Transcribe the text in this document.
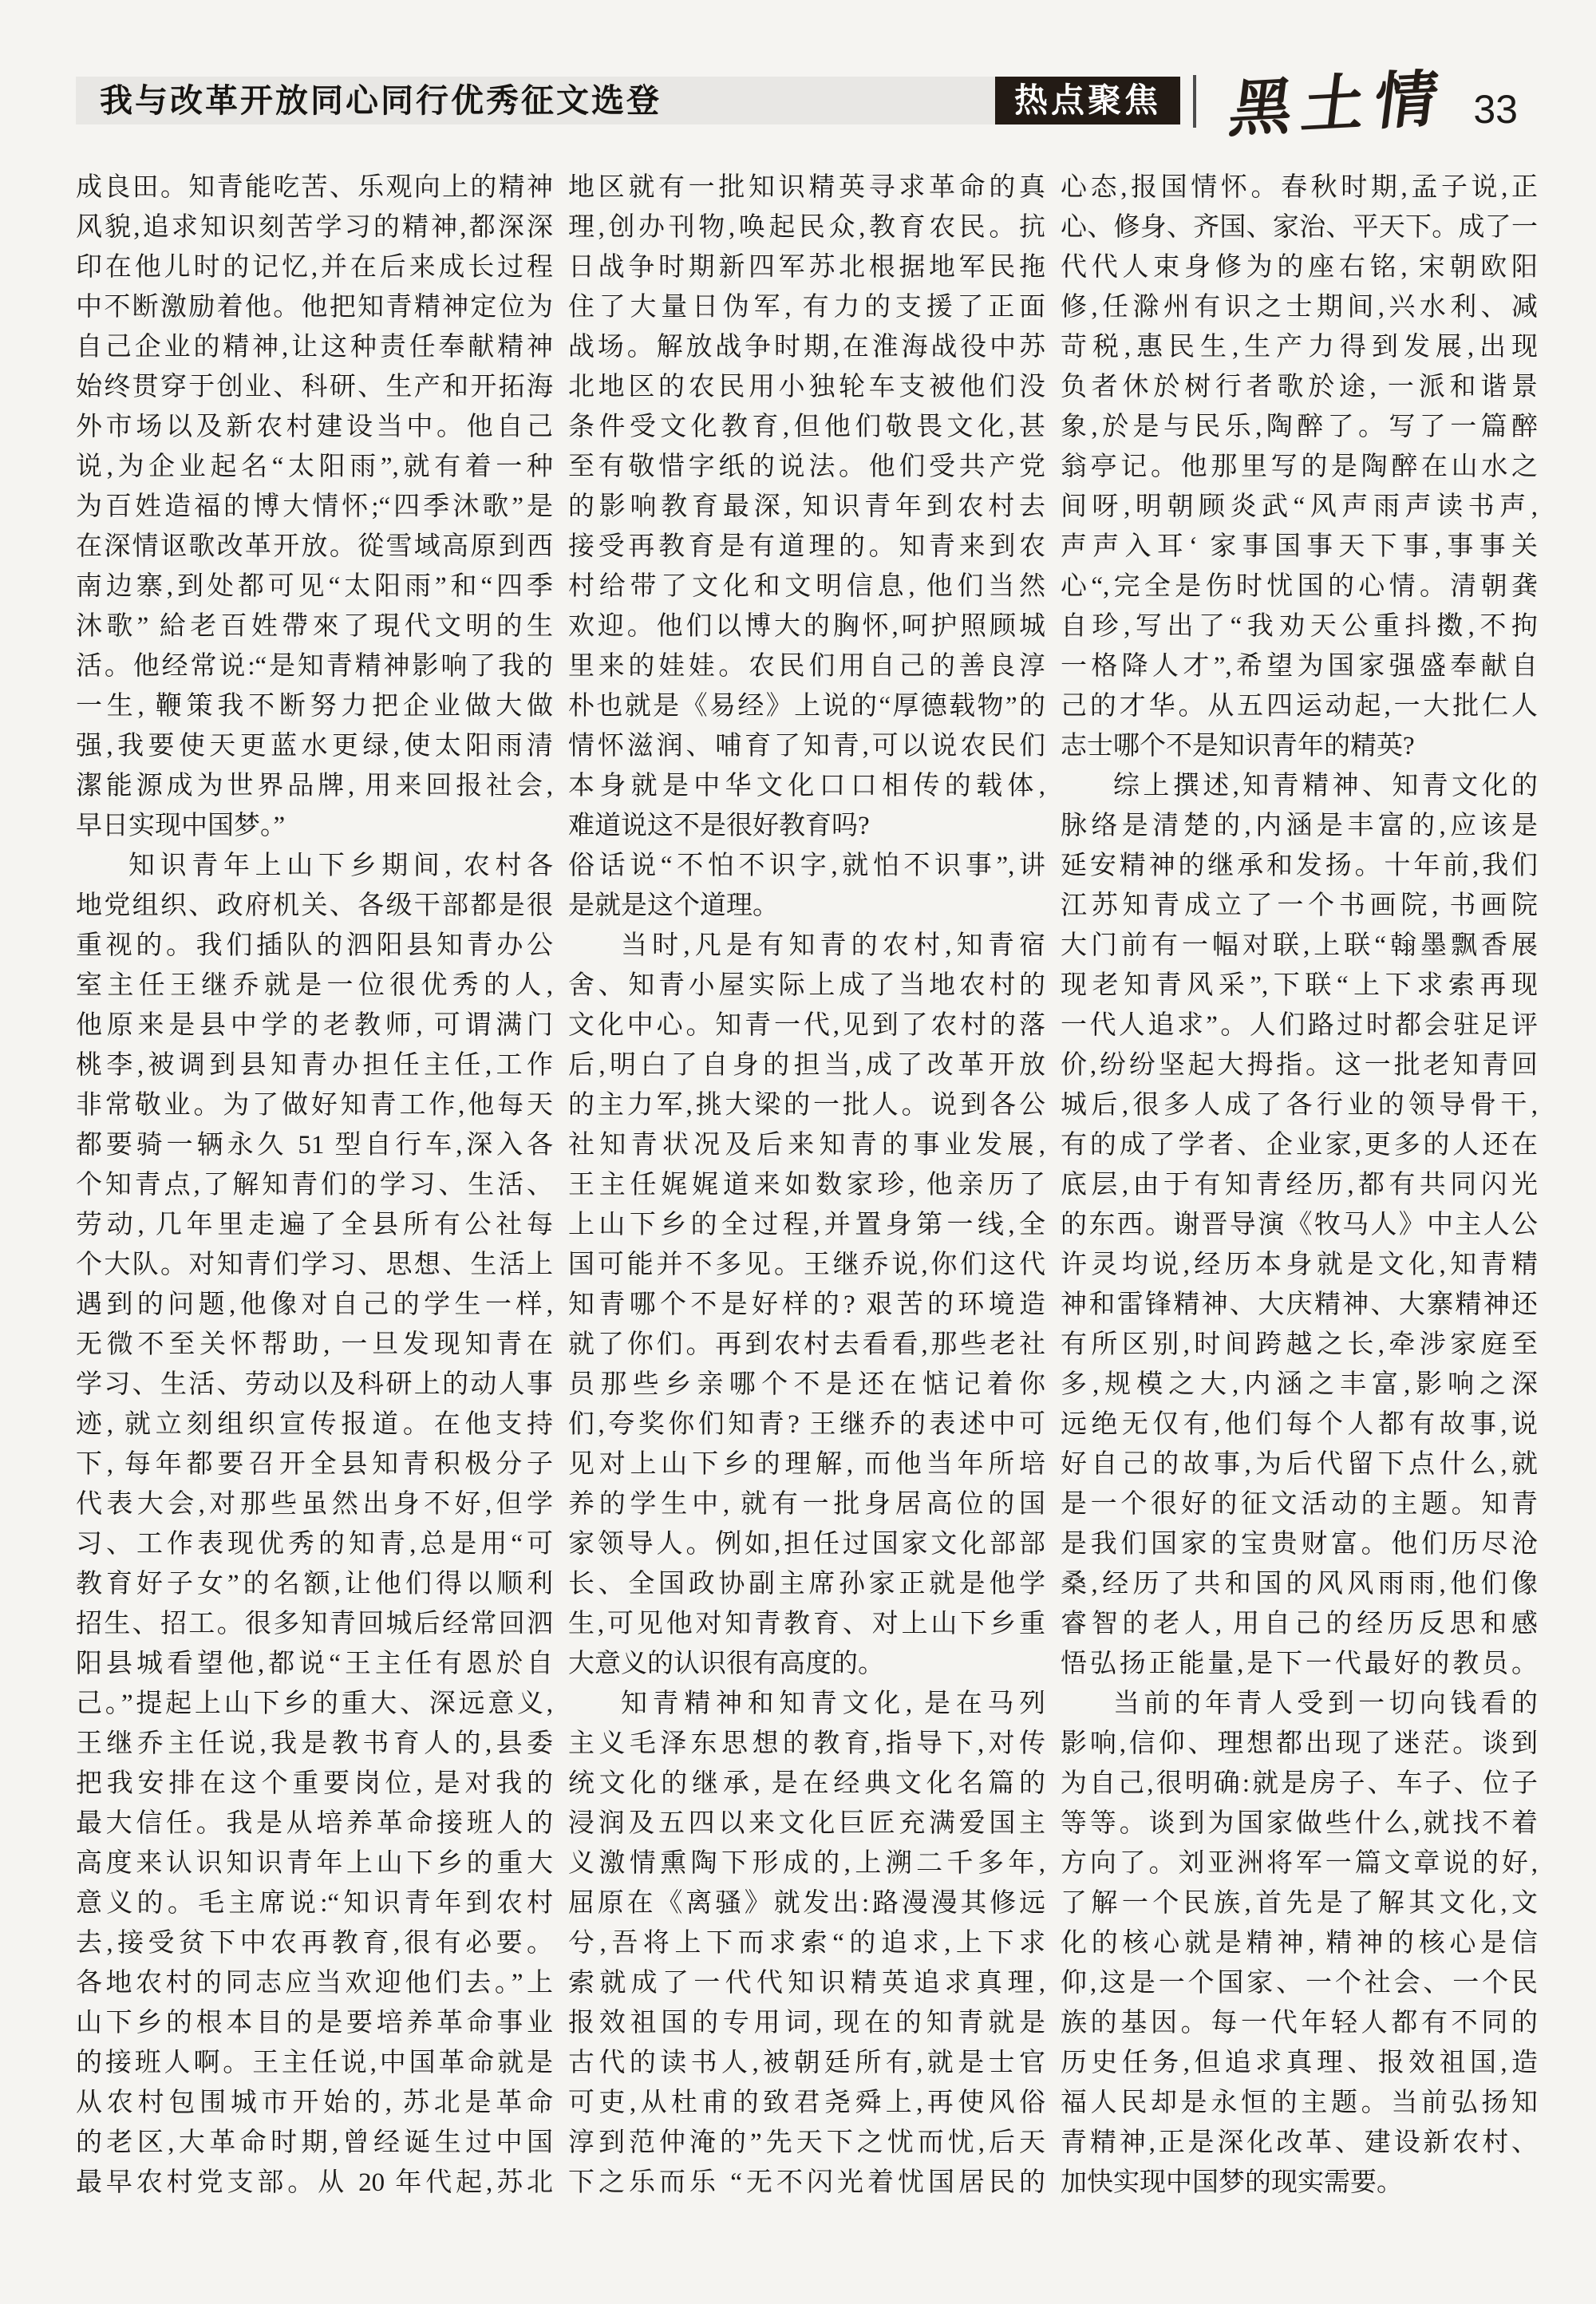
我与改革开放同心同行优秀征文选登	热点聚焦	黑土情 33
成良田。知青能吃苦、乐观向上的精神
风貌,追求知识刻苦学习的精神,都深深
印在他儿时的记忆,并在后来成长过程
中不断激励着他。他把知青精神定位为
自己企业的精神,让这种责任奉献精神
始终贯穿于创业、科研、生产和开拓海
外市场以及新农村建设当中。他自己
说,为企业起名“太阳雨”,就有着一种
为百姓造福的博大情怀;“四季沐歌”是
在深情讴歌改革开放。從雪域高原到西
南边寨,到处都可见“太阳雨”和“四季
沐歌” 給老百姓帶來了現代文明的生
活。他经常说:“是知青精神影响了我的
一生, 鞭策我不断努力把企业做大做
强,我要使天更蓝水更绿,使太阳雨清
潔能源成为世界品牌, 用来回报社会,
早日实现中国梦。”
知识青年上山下乡期间, 农村各
地党组织、政府机关、各级干部都是很
重视的。我们插队的泗阳县知青办公
室主任王继乔就是一位很优秀的人,
他原来是县中学的老教师, 可谓满门
桃李,被调到县知青办担任主任,工作
非常敬业。为了做好知青工作,他每天
都要骑一辆永久 51 型自行车,深入各
个知青点,了解知青们的学习、生活、
劳动, 几年里走遍了全县所有公社每
个大队。对知青们学习、思想、生活上
遇到的问题,他像对自己的学生一样,
无微不至关怀帮助, 一旦发现知青在
学习、生活、劳动以及科研上的动人事
迹, 就立刻组织宣传报道。在他支持
下, 每年都要召开全县知青积极分子
代表大会,对那些虽然出身不好,但学
习、工作表现优秀的知青,总是用“可
教育好子女”的名额,让他们得以顺利
招生、招工。很多知青回城后经常回泗
阳县城看望他,都说“王主任有恩於自
己。”提起上山下乡的重大、深远意义,
王继乔主任说,我是教书育人的,县委
把我安排在这个重要岗位, 是对我的
最大信任。我是从培养革命接班人的
高度来认识知识青年上山下乡的重大
意义的。毛主席说:“知识青年到农村
去,接受贫下中农再教育,很有必要。
各地农村的同志应当欢迎他们去。”上
山下乡的根本目的是要培养革命事业
的接班人啊。王主任说,中国革命就是
从农村包围城市开始的, 苏北是革命
的老区,大革命时期,曾经诞生过中国
最早农村党支部。从 20 年代起,苏北
地区就有一批知识精英寻求革命的真
理,创办刊物,唤起民众,教育农民。抗
日战争时期新四军苏北根据地军民拖
住了大量日伪军, 有力的支援了正面
战场。解放战争时期,在淮海战役中苏
北地区的农民用小独轮车支被他们没
条件受文化教育,但他们敬畏文化,甚
至有敬惜字纸的说法。他们受共产党
的影响教育最深, 知识青年到农村去
接受再教育是有道理的。知青来到农
村给带了文化和文明信息, 他们当然
欢迎。他们以博大的胸怀,呵护照顾城
里来的娃娃。农民们用自己的善良淳
朴也就是《易经》上说的“厚德载物”的
情怀滋润、哺育了知青,可以说农民们
本身就是中华文化口口相传的载体,
难道说这不是很好教育吗?
俗话说“不怕不识字,就怕不识事”,讲
是就是这个道理。
当时,凡是有知青的农村,知青宿
舍、知青小屋实际上成了当地农村的
文化中心。知青一代,见到了农村的落
后,明白了自身的担当,成了改革开放
的主力军,挑大梁的一批人。说到各公
社知青状况及后来知青的事业发展,
王主任娓娓道来如数家珍, 他亲历了
上山下乡的全过程,并置身第一线,全
国可能并不多见。王继乔说,你们这代
知青哪个不是好样的? 艰苦的环境造
就了你们。再到农村去看看,那些老社
员那些乡亲哪个不是还在惦记着你
们,夸奖你们知青? 王继乔的表述中可
见对上山下乡的理解, 而他当年所培
养的学生中, 就有一批身居高位的国
家领导人。例如,担任过国家文化部部
长、全国政协副主席孙家正就是他学
生,可见他对知青教育、对上山下乡重
大意义的认识很有高度的。
知青精神和知青文化, 是在马列
主义毛泽东思想的教育,指导下,对传
统文化的继承, 是在经典文化名篇的
浸润及五四以来文化巨匠充满爱国主
义激情熏陶下形成的,上溯二千多年,
屈原在《离骚》就发出:路漫漫其修远
兮,吾将上下而求索“的追求,上下求
索就成了一代代知识精英追求真理,
报效祖国的专用词, 现在的知青就是
古代的读书人,被朝廷所有,就是士官
可吏,从杜甫的致君尧舜上,再使风俗
淳到范仲淹的”先天下之忧而忧,后天
下之乐而乐 “无不闪光着忧国居民的
心态,报国情怀。春秋时期,孟子说,正
心、修身、齐国、家治、平天下。成了一
代代人束身修为的座右铭, 宋朝欧阳
修,任滁州有识之士期间,兴水利、减
苛税,惠民生,生产力得到发展,出现
负者休於树行者歌於途, 一派和谐景
象,於是与民乐,陶醉了。写了一篇醉
翁亭记。他那里写的是陶醉在山水之
间呀,明朝顾炎武“风声雨声读书声,
声声入耳‘ 家事国事天下事,事事关
心“,完全是伤时忧国的心情。清朝龚
自珍,写出了“我劝天公重抖擞,不拘
一格降人才”,希望为国家强盛奉献自
己的才华。从五四运动起,一大批仁人
志士哪个不是知识青年的精英?
综上撰述,知青精神、知青文化的
脉络是清楚的,内涵是丰富的,应该是
延安精神的继承和发扬。十年前,我们
江苏知青成立了一个书画院, 书画院
大门前有一幅对联,上联“翰墨飘香展
现老知青风采”,下联“上下求索再现
一代人追求”。人们路过时都会驻足评
价,纷纷坚起大拇指。这一批老知青回
城后,很多人成了各行业的领导骨干,
有的成了学者、企业家,更多的人还在
底层,由于有知青经历,都有共同闪光
的东西。谢晋导演《牧马人》中主人公
许灵均说,经历本身就是文化,知青精
神和雷锋精神、大庆精神、大寨精神还
有所区别,时间跨越之长,牵涉家庭至
多,规模之大,内涵之丰富,影响之深
远绝无仅有,他们每个人都有故事,说
好自己的故事,为后代留下点什么,就
是一个很好的征文活动的主题。知青
是我们国家的宝贵财富。他们历尽沧
桑,经历了共和国的风风雨雨,他们像
睿智的老人, 用自己的经历反思和感
悟弘扬正能量,是下一代最好的教员。
当前的年青人受到一切向钱看的
影响,信仰、理想都出现了迷茫。谈到
为自己,很明确:就是房子、车子、位子
等等。谈到为国家做些什么,就找不着
方向了。刘亚洲将军一篇文章说的好,
了解一个民族,首先是了解其文化,文
化的核心就是精神, 精神的核心是信
仰,这是一个国家、一个社会、一个民
族的基因。每一代年轻人都有不同的
历史任务,但追求真理、报效祖国,造
福人民却是永恒的主题。当前弘扬知
青精神,正是深化改革、建设新农村、
加快实现中国梦的现实需要。
